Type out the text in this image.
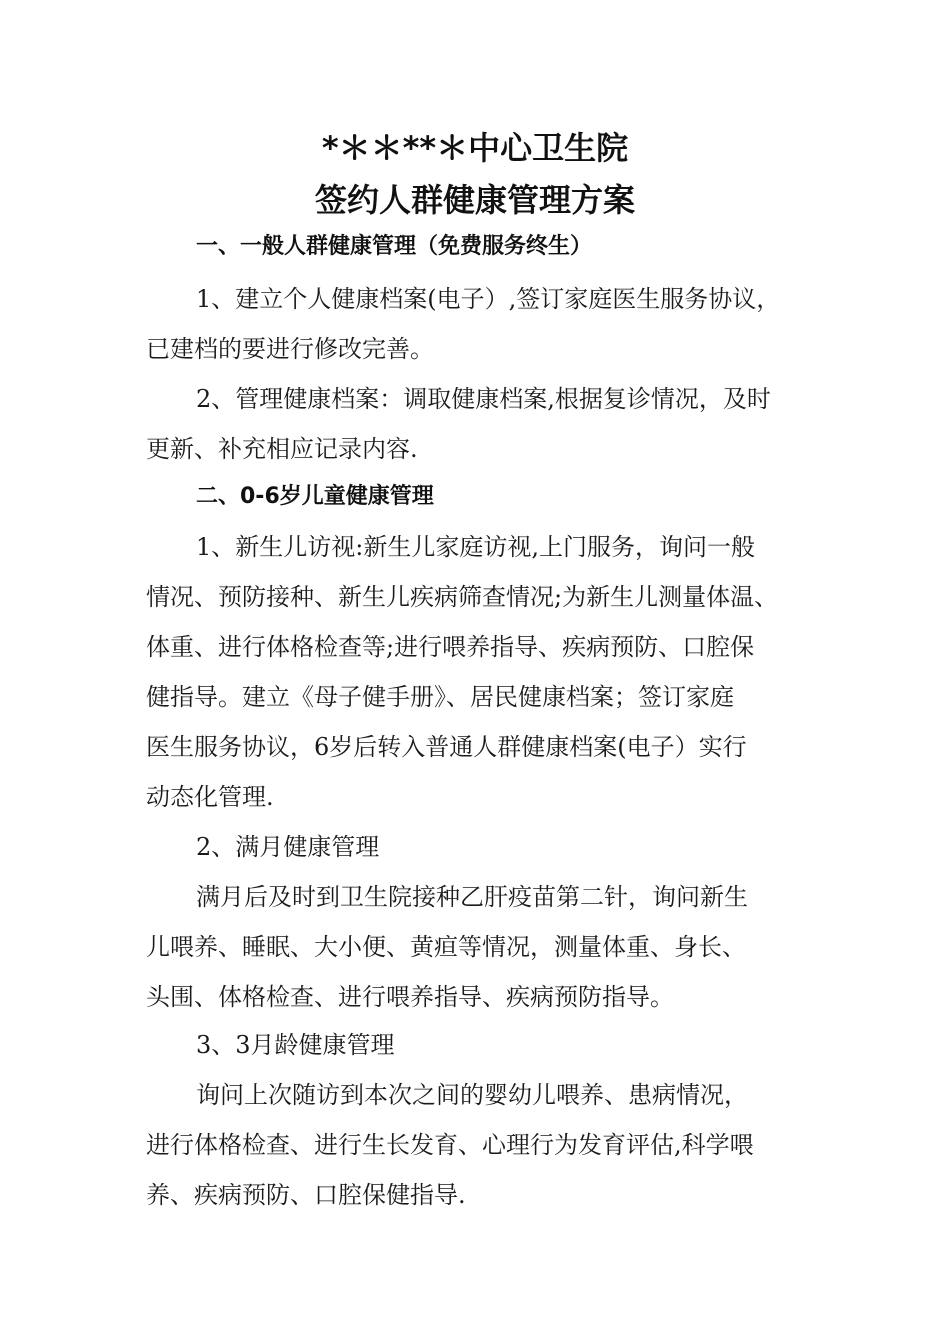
*＊＊**＊中心卫生院
签约人群健康管理方案
一、一般人群健康管理（免费服务终生）
1、建立个人健康档案(电子）,签订家庭医生服务协议，
已建档的要进行修改完善。
2、管理健康档案：调取健康档案,根据复诊情况，及时
更新、补充相应记录内容.
二、0-6岁儿童健康管理
1、新生儿访视:新生儿家庭访视,上门服务，询问一般
情况、预防接种、新生儿疾病筛查情况;为新生儿测量体温、
体重、进行体格检查等;进行喂养指导、疾病预防、口腔保
健指导。建立《母子健手册》、居民健康档案；签订家庭
医生服务协议，6岁后转入普通人群健康档案(电子）实行
动态化管理.
2、满月健康管理
满月后及时到卫生院接种乙肝疫苗第二针，询问新生
儿喂养、睡眠、大小便、黄疸等情况，测量体重、身长、
头围、体格检查、进行喂养指导、疾病预防指导。
3、3月龄健康管理
询问上次随访到本次之间的婴幼儿喂养、患病情况，
进行体格检查、进行生长发育、心理行为发育评估,科学喂
养、疾病预防、口腔保健指导.
